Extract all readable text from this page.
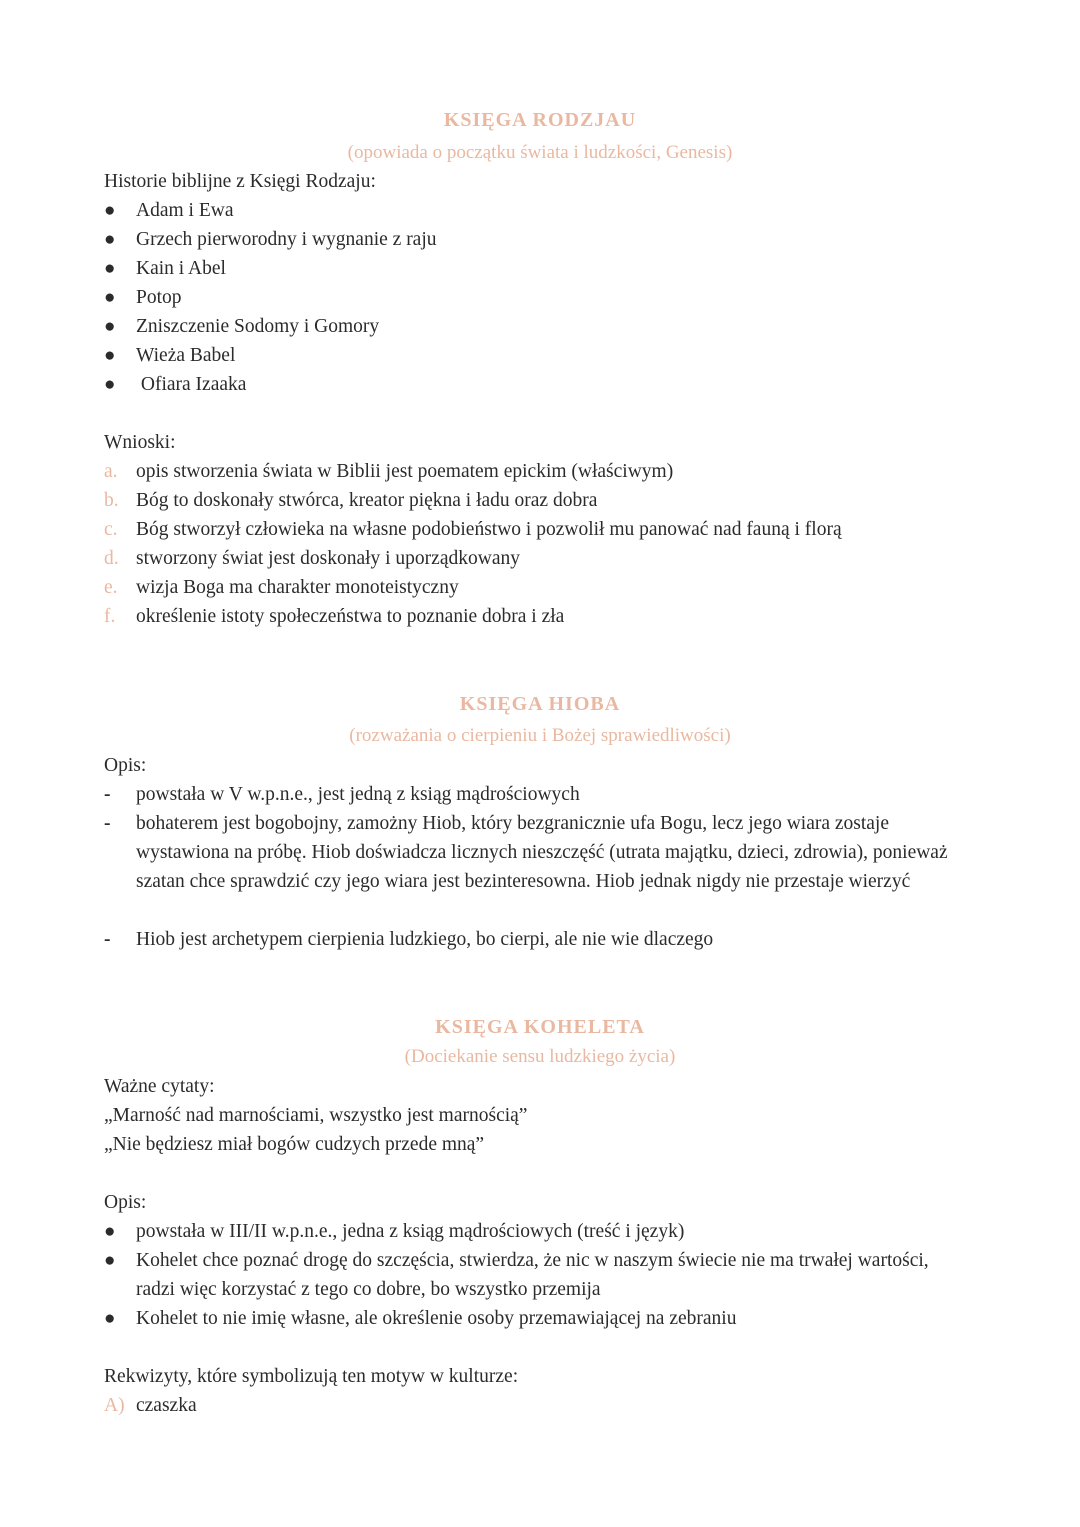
KSIĘGA RODZJAU
(opowiada o początku świata i ludzkości, Genesis)
Historie biblijne z Księgi Rodzaju:
●	Adam i Ewa
●	Grzech pierworodny i wygnanie z raju
●	Kain i Abel
●	Potop
●	Zniszczenie Sodomy i Gomory
●	Wieża Babel
●	Ofiara Izaaka
Wnioski:
a. opis stworzenia świata w Biblii jest poematem epickim (właściwym)
b. Bóg to doskonały stwórca, kreator piękna i ładu oraz dobra
c. Bóg stworzył człowieka na własne podobieństwo i pozwolił mu panować nad fauną i florą
d. stworzony świat jest doskonały i uporządkowany
e. wizja Boga ma charakter monoteistyczny
f.	określenie istoty społeczeństwa to poznanie dobra i zła
KSIĘGA HIOBA
(rozważania o cierpieniu i Bożej sprawiedliwości)
Opis:
-	powstała w V w.p.n.e., jest jedną z ksiąg mądrościowych
-	bohaterem jest bogobojny, zamożny Hiob, który bezgranicznie ufa Bogu, lecz jego wiara zostaje wystawiona na próbę. Hiob doświadcza licznych nieszczęść (utrata majątku, dzieci, zdrowia), ponieważ szatan chce sprawdzić czy jego wiara jest bezinteresowna. Hiob jednak nigdy nie przestaje wierzyć
-	Hiob jest archetypem cierpienia ludzkiego, bo cierpi, ale nie wie dlaczego
KSIĘGA KOHELETA
(Dociekanie sensu ludzkiego życia)
Ważne cytaty:
„Marność nad marnościami, wszystko jest marnością”
„Nie będziesz miał bogów cudzych przede mną”
Opis:
●	powstała w III/II w.p.n.e., jedna z ksiąg mądrościowych (treść i język)
●	Kohelet chce poznać drogę do szczęścia, stwierdza, że nic w naszym świecie nie ma trwałej wartości, radzi więc korzystać z tego co dobre, bo wszystko przemija
●	Kohelet to nie imię własne, ale określenie osoby przemawiającej na zebraniu
Rekwizyty, które symbolizują ten motyw w kulturze:
A) czaszka
